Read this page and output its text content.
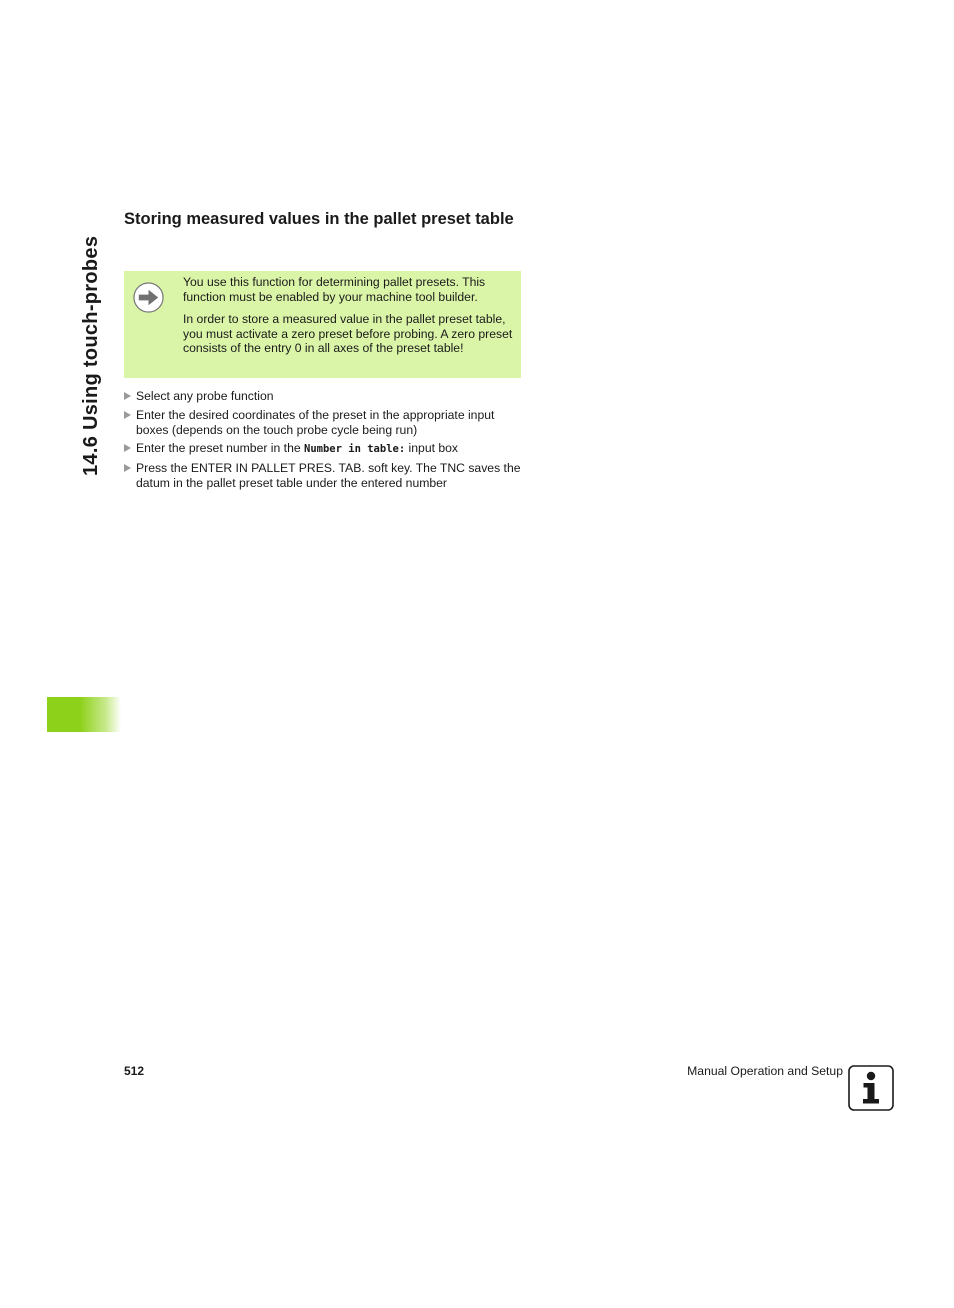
14.6 Using touch-probes
Storing measured values in the pallet preset table

You use this function for determining pallet presets. This function must be enabled by your machine tool builder.

In order to store a measured value in the pallet preset table, you must activate a zero preset before probing. A zero preset consists of the entry 0 in all axes of the preset table!

Select any probe function
Enter the desired coordinates of the preset in the appropriate input boxes (depends on the touch probe cycle being run)
Enter the preset number in the Number in table: input box
Press the ENTER IN PALLET PRES. TAB. soft key. The TNC saves the datum in the pallet preset table under the entered number
512	Manual Operation and Setup
